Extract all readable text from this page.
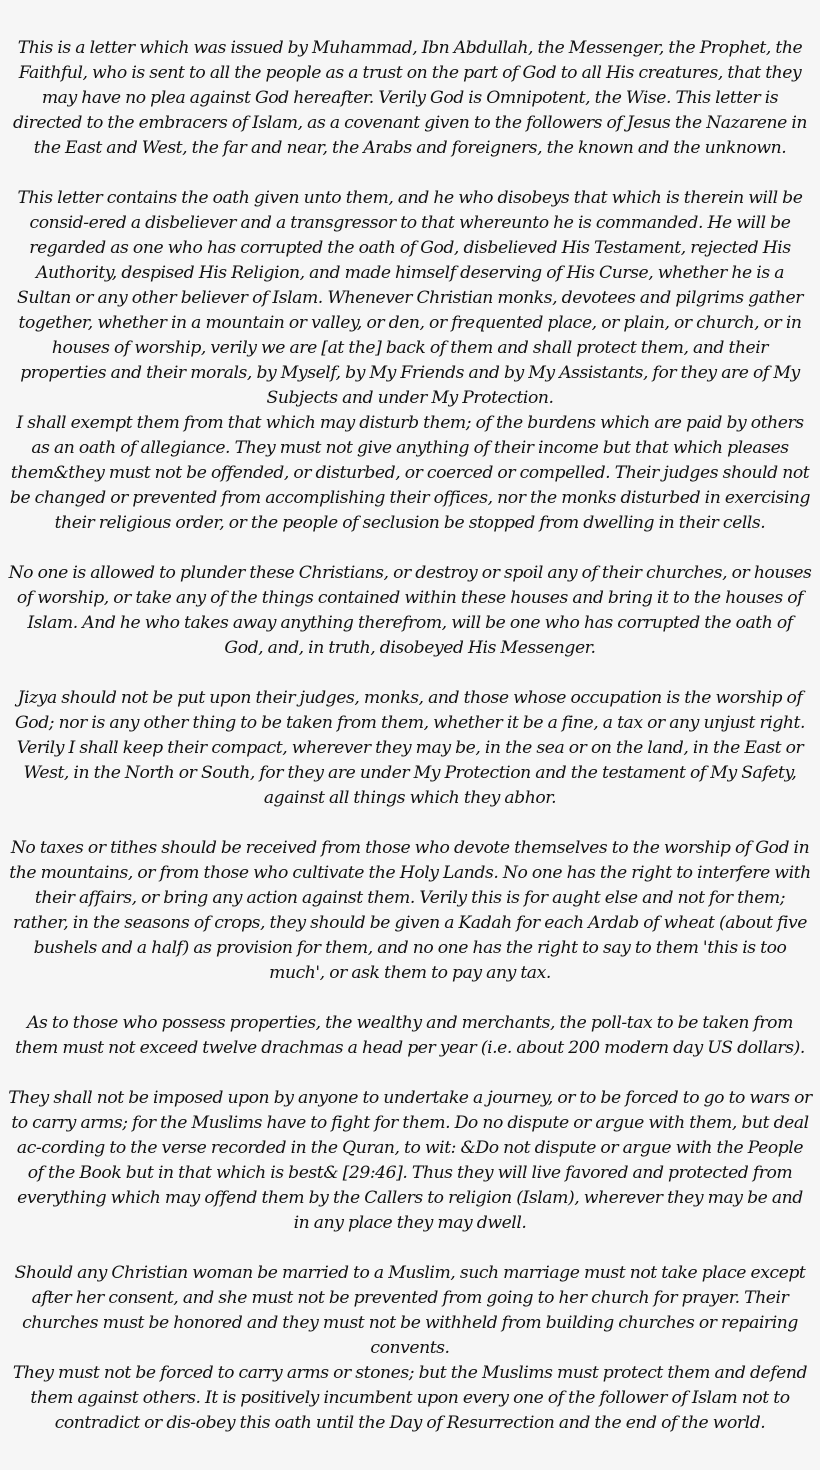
This is a letter which was issued by Muhammad, Ibn Abdullah, the Messenger, the Prophet, the Faithful, who is sent to all the people as a trust on the part of God to all His creatures, that they may have no plea against God hereafter. Verily God is Omnipotent, the Wise. This letter is directed to the embracers of Islam, as a covenant given to the followers of Jesus the Nazarene in the East and West, the far and near, the Arabs and foreigners, the known and the unknown.

This letter contains the oath given unto them, and he who disobeys that which is therein will be consid-ered a disbeliever and a transgressor to that whereunto he is commanded. He will be regarded as one who has corrupted the oath of God, disbelieved His Testament, rejected His Authority, despised His Religion, and made himself deserving of His Curse, whether he is a Sultan or any other believer of Islam. Whenever Christian monks, devotees and pilgrims gather together, whether in a mountain or valley, or den, or frequented place, or plain, or church, or in houses of worship, verily we are [at the] back of them and shall protect them, and their properties and their morals, by Myself, by My Friends and by My Assistants, for they are of My Subjects and under My Protection.

I shall exempt them from that which may disturb them; of the burdens which are paid by others as an oath of allegiance. They must not give anything of their income but that which pleases them&they must not be offended, or disturbed, or coerced or compelled. Their judges should not be changed or prevented from accomplishing their offices, nor the monks disturbed in exercising their religious order, or the people of seclusion be stopped from dwelling in their cells.

No one is allowed to plunder these Christians, or destroy or spoil any of their churches, or houses of worship, or take any of the things contained within these houses and bring it to the houses of Islam. And he who takes away anything therefrom, will be one who has corrupted the oath of God, and, in truth, disobeyed His Messenger.

Jizya should not be put upon their judges, monks, and those whose occupation is the worship of God; nor is any other thing to be taken from them, whether it be a fine, a tax or any unjust right. Verily I shall keep their compact, wherever they may be, in the sea or on the land, in the East or West, in the North or South, for they are under My Protection and the testament of My Safety, against all things which they abhor.

No taxes or tithes should be received from those who devote themselves to the worship of God in the mountains, or from those who cultivate the Holy Lands. No one has the right to interfere with their affairs, or bring any action against them. Verily this is for aught else and not for them; rather, in the seasons of crops, they should be given a Kadah for each Ardab of wheat (about five bushels and a half) as provision for them, and no one has the right to say to them 'this is too much', or ask them to pay any tax.

As to those who possess properties, the wealthy and merchants, the poll-tax to be taken from them must not exceed twelve drachmas a head per year (i.e. about 200 modern day US dollars).

They shall not be imposed upon by anyone to undertake a journey, or to be forced to go to wars or to carry arms; for the Muslims have to fight for them. Do no dispute or argue with them, but deal ac-cording to the verse recorded in the Quran, to wit: &Do not dispute or argue with the People of the Book but in that which is best& [29:46]. Thus they will live favored and protected from everything which may offend them by the Callers to religion (Islam), wherever they may be and in any place they may dwell.

Should any Christian woman be married to a Muslim, such marriage must not take place except after her consent, and she must not be prevented from going to her church for prayer. Their churches must be honored and they must not be withheld from building churches or repairing convents.

They must not be forced to carry arms or stones; but the Muslims must protect them and defend them against others. It is positively incumbent upon every one of the follower of Islam not to contradict or dis-obey this oath until the Day of Resurrection and the end of the world.
